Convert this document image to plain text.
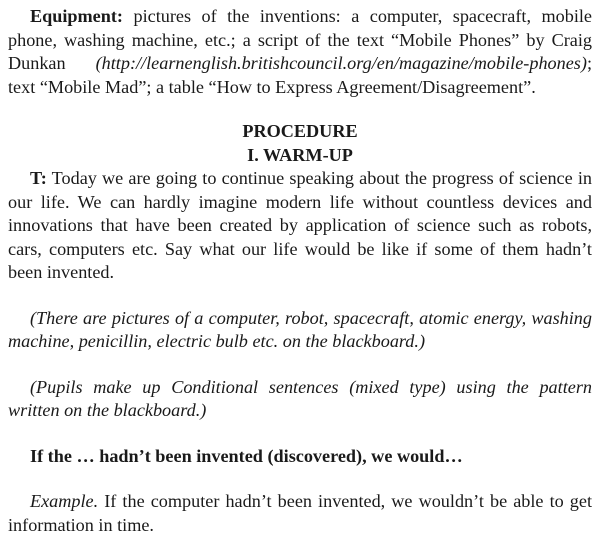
Equipment: pictures of the inventions: a computer, spacecraft, mobile phone, washing machine, etc.; a script of the text “Mobile Phones” by Craig Dunkan (http://learnenglish.britishcouncil.org/en/magazine/mobile-phones); text “Mobile Mad”; a table “How to Express Agreement/Disagreement”.

PROCEDURE

I. WARM-UP

T: Today we are going to continue speaking about the progress of science in our life. We can hardly imagine modern life without countless devices and innovations that have been created by application of science such as robots, cars, computers etc. Say what our life would be like if some of them hadn’t been invented.

(There are pictures of a computer, robot, spacecraft, atomic energy, washing machine, penicillin, electric bulb etc. on the blackboard.)

(Pupils make up Conditional sentences (mixed type) using the pattern written on the blackboard.)

If the … hadn’t been invented (discovered), we would…

Example. If the computer hadn’t been invented, we wouldn’t be able to get information in time.
